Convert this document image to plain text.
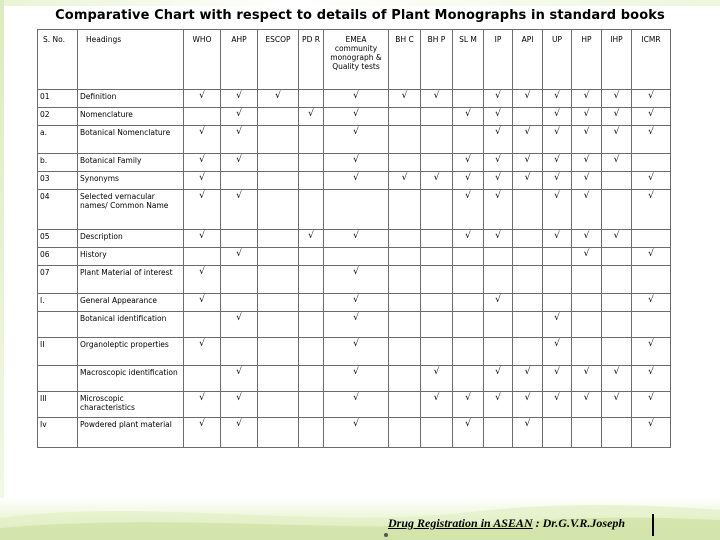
Comparative Chart with respect to details of Plant Monographs in standard books
S. No.	Headings	WHO	AHP	ESCOP	PD R	EMEA community monograph & Quality tests	BH C	BH P	SL M	IP	API	UP	HP	IHP	ICMR
01	Definition	√	√	√		√	√	√		√	√	√	√	√	√
02	Nomenclature		√		√	√			√	√		√	√	√	√
a.	Botanical Nomenclature	√	√			√				√	√	√	√	√	√
b.	Botanical Family	√	√			√			√	√	√	√	√	√	
03	Synonyms	√				√	√	√	√	√	√	√	√		√
04	Selected vernacular names/ Common Name	√	√						√	√		√	√		√
05	Description	√			√	√			√	√		√	√	√	
06	History		√										√		√
07	Plant Material of interest	√				√									
I.	General Appearance	√				√				√					√
	Botanical identification		√			√						√			
II	Organoleptic properties	√				√						√			√
	Macroscopic identification		√			√		√		√	√	√	√	√	√
III	Microscopic characteristics	√	√			√		√	√	√	√	√	√	√	√
Iv	Powdered plant material	√	√			√			√		√				√
Drug Registration in ASEAN : Dr.G.V.R.Joseph
